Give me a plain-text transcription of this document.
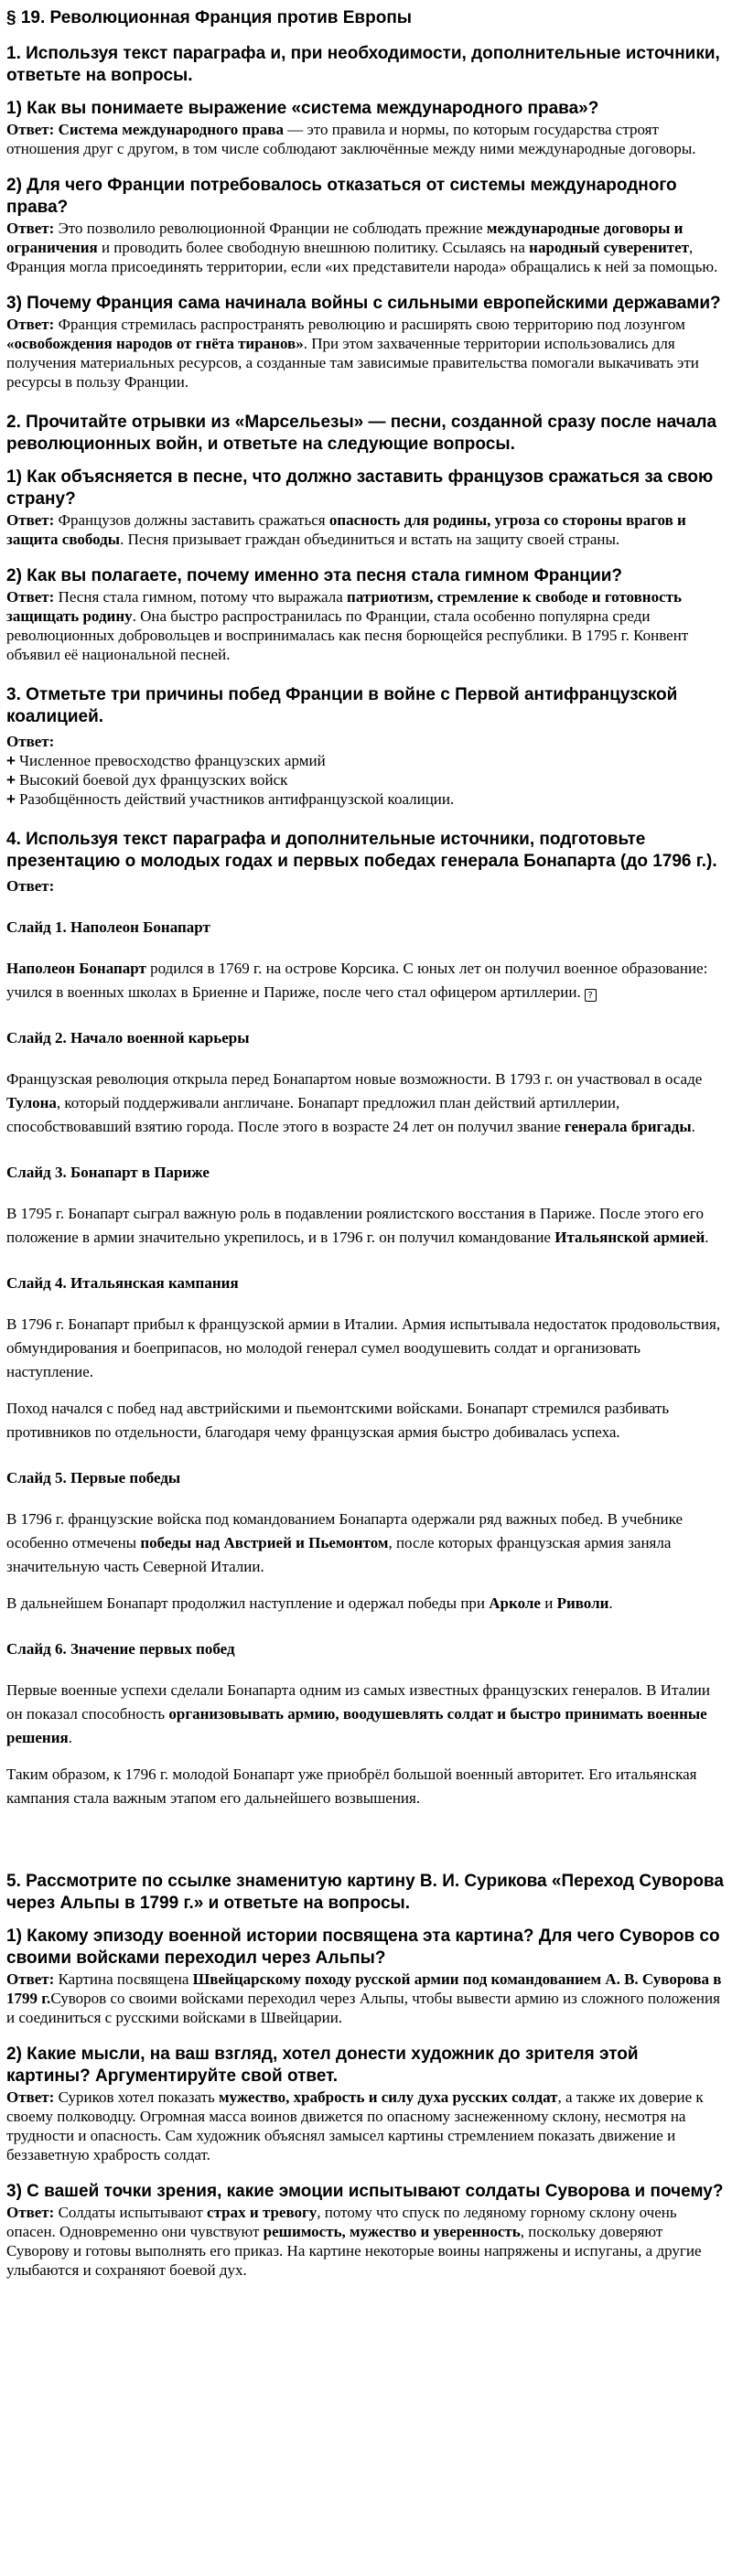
§ 19. Революционная Франция против Европы

1. Используя текст параграфа и, при необходимости, дополнительные источники, ответьте на вопросы.

1) Как вы понимаете выражение «система международного права»?

Ответ: Система международного права — это правила и нормы, по которым государства строят отношения друг с другом, в том числе соблюдают заключённые между ними международные договоры.

2) Для чего Франции потребовалось отказаться от системы международного права?

Ответ: Это позволило революционной Франции не соблюдать прежние международные договоры и ограничения и проводить более свободную внешнюю политику. Ссылаясь на народный суверенитет, Франция могла присоединять территории, если «их представители народа» обращались к ней за помощью.

3) Почему Франция сама начинала войны с сильными европейскими державами?

Ответ: Франция стремилась распространять революцию и расширять свою территорию под лозунгом «освобождения народов от гнёта тиранов». При этом захваченные территории использовались для получения материальных ресурсов, а созданные там зависимые правительства помогали выкачивать эти ресурсы в пользу Франции.

2. Прочитайте отрывки из «Марсельезы» — песни, созданной сразу после начала революционных войн, и ответьте на следующие вопросы.

1) Как объясняется в песне, что должно заставить французов сражаться за свою страну?

Ответ: Французов должны заставить сражаться опасность для родины, угроза со стороны врагов и защита свободы. Песня призывает граждан объединиться и встать на защиту своей страны.

2) Как вы полагаете, почему именно эта песня стала гимном Франции?

Ответ: Песня стала гимном, потому что выражала патриотизм, стремление к свободе и готовность защищать родину. Она быстро распространилась по Франции, стала особенно популярна среди революционных добровольцев и воспринималась как песня борющейся республики. В 1795 г. Конвент объявил её национальной песней.

3. Отметьте три причины побед Франции в войне с Первой антифранцузской коалицией.

Ответ:

+ Численное превосходство французских армий
+ Высокий боевой дух французских войск
+ Разобщённость действий участников антифранцузской коалиции.

4. Используя текст параграфа и дополнительные источники, подготовьте презентацию о молодых годах и первых победах генерала Бонапарта (до 1796 г.).

Ответ:

Слайд 1. Наполеон Бонапарт

Наполеон Бонапарт родился в 1769 г. на острове Корсика. С юных лет он получил военное образование: учился в военных школах в Бриенне и Париже, после чего стал офицером артиллерии. ?

Слайд 2. Начало военной карьеры

Французская революция открыла перед Бонапартом новые возможности. В 1793 г. он участвовал в осаде Тулона, который поддерживали англичане. Бонапарт предложил план действий артиллерии, способствовавший взятию города. После этого в возрасте 24 лет он получил звание генерала бригады.

Слайд 3. Бонапарт в Париже

В 1795 г. Бонапарт сыграл важную роль в подавлении роялистского восстания в Париже. После этого его положение в армии значительно укрепилось, и в 1796 г. он получил командование Итальянской армией.

Слайд 4. Итальянская кампания

В 1796 г. Бонапарт прибыл к французской армии в Италии. Армия испытывала недостаток продовольствия, обмундирования и боеприпасов, но молодой генерал сумел воодушевить солдат и организовать наступление.

Поход начался с побед над австрийскими и пьемонтскими войсками. Бонапарт стремился разбивать противников по отдельности, благодаря чему французская армия быстро добивалась успеха.

Слайд 5. Первые победы

В 1796 г. французские войска под командованием Бонапарта одержали ряд важных побед. В учебнике особенно отмечены победы над Австрией и Пьемонтом, после которых французская армия заняла значительную часть Северной Италии.

В дальнейшем Бонапарт продолжил наступление и одержал победы при Арколе и Риволи.

Слайд 6. Значение первых побед

Первые военные успехи сделали Бонапарта одним из самых известных французских генералов. В Италии он показал способность организовывать армию, воодушевлять солдат и быстро принимать военные решения.

Таким образом, к 1796 г. молодой Бонапарт уже приобрёл большой военный авторитет. Его итальянская кампания стала важным этапом его дальнейшего возвышения.

5. Рассмотрите по ссылке знаменитую картину В. И. Сурикова «Переход Суворова через Альпы в 1799 г.» и ответьте на вопросы.

1) Какому эпизоду военной истории посвящена эта картина? Для чего Суворов со своими войсками переходил через Альпы?

Ответ: Картина посвящена Швейцарскому походу русской армии под командованием А. В. Суворова в 1799 г.Суворов со своими войсками переходил через Альпы, чтобы вывести армию из сложного положения и соединиться с русскими войсками в Швейцарии.

2) Какие мысли, на ваш взгляд, хотел донести художник до зрителя этой картины? Аргументируйте свой ответ.

Ответ: Суриков хотел показать мужество, храбрость и силу духа русских солдат, а также их доверие к своему полководцу. Огромная масса воинов движется по опасному заснеженному склону, несмотря на трудности и опасность. Сам художник объяснял замысел картины стремлением показать движение и беззаветную храбрость солдат.

3) С вашей точки зрения, какие эмоции испытывают солдаты Суворова и почему?

Ответ: Солдаты испытывают страх и тревогу, потому что спуск по ледяному горному склону очень опасен. Одновременно они чувствуют решимость, мужество и уверенность, поскольку доверяют Суворову и готовы выполнять его приказ. На картине некоторые воины напряжены и испуганы, а другие улыбаются и сохраняют боевой дух.
